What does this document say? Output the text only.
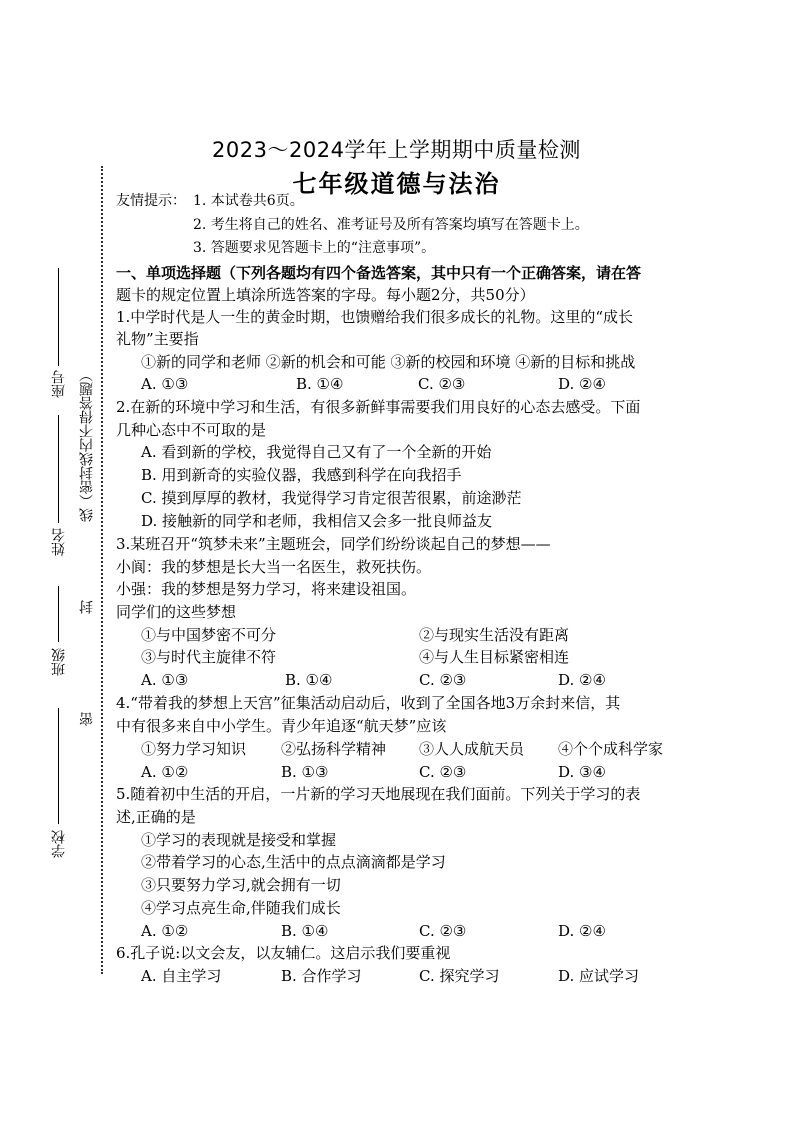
2023～2024学年上学期期中质量检测
七年级道德与法治
座号
姓名
班级
学校
线（密封线内不得答题）
封
密
友情提示： 1. 本试卷共6页。
2. 考生将自己的姓名、准考证号及所有答案均填写在答题卡上。
3. 答题要求见答题卡上的“注意事项”。
一、单项选择题（下列各题均有四个备选答案，其中只有一个正确答案，请在答
题卡的规定位置上填涂所选答案的字母。每小题2分，共50分）
1.中学时代是人一生的黄金时期，也馈赠给我们很多成长的礼物。这里的“成长
礼物”主要指
①新的同学和老师 ②新的机会和可能 ③新的校园和环境 ④新的目标和挑战
A. ①③	B. ①④	C. ②③	D. ②④
2.在新的环境中学习和生活，有很多新鲜事需要我们用良好的心态去感受。下面
几种心态中不可取的是
A. 看到新的学校，我觉得自己又有了一个全新的开始
B. 用到新奇的实验仪器，我感到科学在向我招手
C. 摸到厚厚的教材，我觉得学习肯定很苦很累，前途渺茫
D. 接触新的同学和老师，我相信又会多一批良师益友
3.某班召开“筑梦未来”主题班会，同学们纷纷谈起自己的梦想——
小阆：我的梦想是长大当一名医生，救死扶伤。
小强：我的梦想是努力学习，将来建设祖国。
同学们的这些梦想
①与中国梦密不可分	②与现实生活没有距离
③与时代主旋律不符	④与人生目标紧密相连
A. ①③	B. ①④	C. ②③	D. ②④
4.“带着我的梦想上天宫”征集活动启动后，收到了全国各地3万余封来信，其
中有很多来自中小学生。青少年追逐“航天梦”应该
①努力学习知识 ②弘扬科学精神 ③人人成航天员 ④个个成科学家
A. ①②	B. ①③	C. ②③	D. ③④
5.随着初中生活的开启，一片新的学习天地展现在我们面前。下列关于学习的表
述,正确的是
①学习的表现就是接受和掌握
②带着学习的心态,生活中的点点滴滴都是学习
③只要努力学习,就会拥有一切
④学习点亮生命,伴随我们成长
A. ①②	B. ①④	C. ②③	D. ②④
6.孔子说:以文会友，以友辅仁。这启示我们要重视
A. 自主学习	B. 合作学习	C. 探究学习	D. 应试学习
